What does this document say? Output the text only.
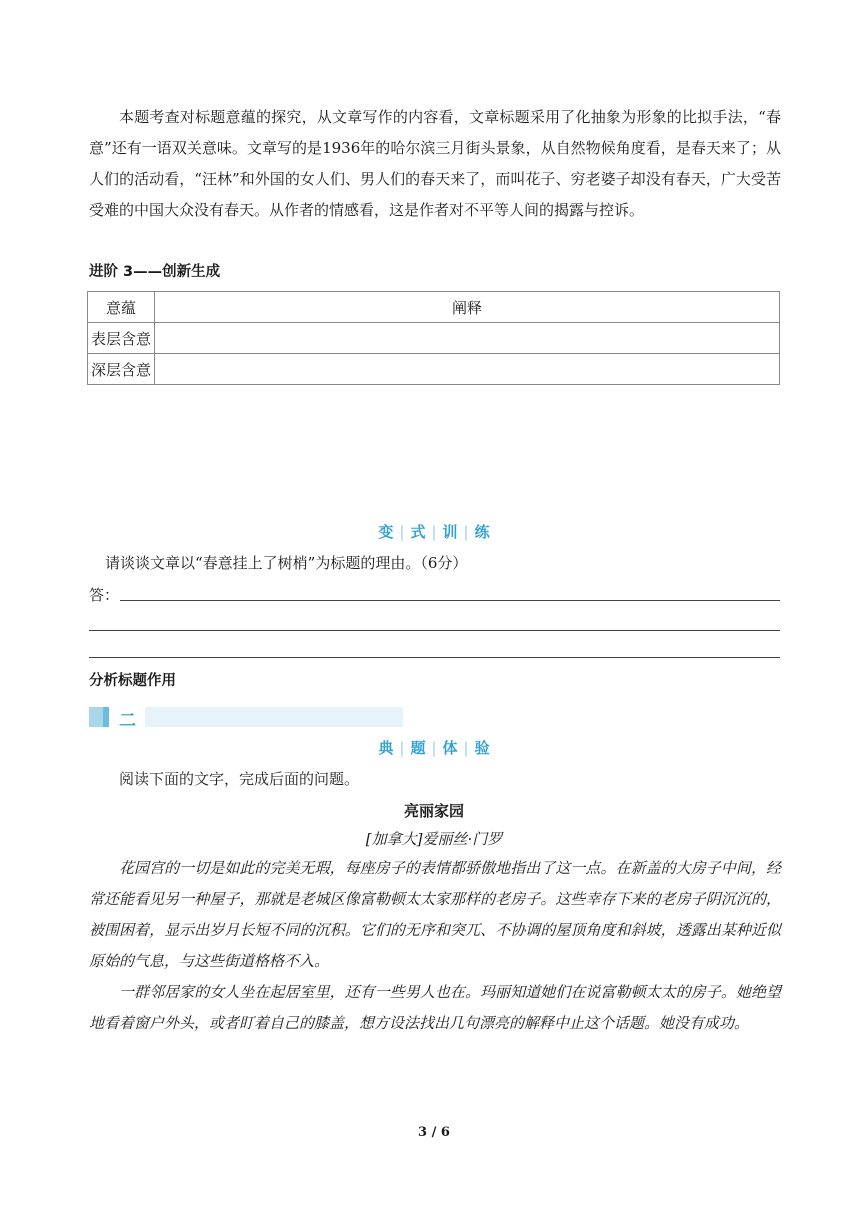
本题考查对标题意蕴的探究，从文章写作的内容看，文章标题采用了化抽象为形象的比拟手法，“春意”还有一语双关意味。文章写的是1936年的哈尔滨三月街头景象，从自然物候角度看，是春天来了；从人们的活动看，“汪林”和外国的女人们、男人们的春天来了，而叫花子、穷老婆子却没有春天，广大受苦受难的中国大众没有春天。从作者的情感看，这是作者对不平等人间的揭露与控诉。
进阶 3——创新生成
意蕴	阐释
表层含意	
深层含意	
变 | 式 | 训 | 练
请谈谈文章以“春意挂上了树梢”为标题的理由。（6分）
答：
分析标题作用
二
典 | 题 | 体 | 验
阅读下面的文字，完成后面的问题。
亮丽家园
[加拿大]爱丽丝·门罗
花园宫的一切是如此的完美无瑕，每座房子的表情都骄傲地指出了这一点。在新盖的大房子中间，经常还能看见另一种屋子，那就是老城区像富勒顿太太家那样的老房子。这些幸存下来的老房子阴沉沉的，被围困着，显示出岁月长短不同的沉积。它们的无序和突兀、不协调的屋顶角度和斜坡，透露出某种近似原始的气息，与这些街道格格不入。
一群邻居家的女人坐在起居室里，还有一些男人也在。玛丽知道她们在说富勒顿太太的房子。她绝望地看着窗户外头，或者盯着自己的膝盖，想方设法找出几句漂亮的解释中止这个话题。她没有成功。
3 / 6
